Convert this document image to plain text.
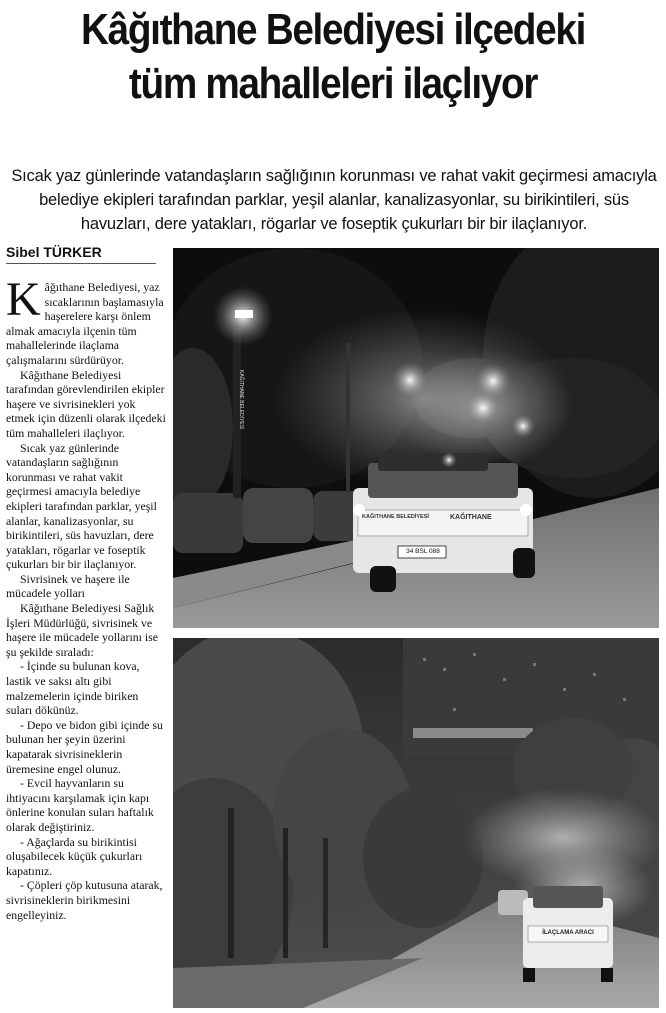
Kâğıthane Belediyesi ilçedeki
tüm mahalleleri ilaçlıyor

Sıcak yaz günlerinde vatandaşların sağlığının korunması ve rahat vakit geçirmesi amacıyla belediye ekipleri tarafından parklar, yeşil alanlar, kanalizasyonlar, su birikintileri, süs havuzları, dere yatakları, rögarlar ve foseptik çukurları bir bir ilaçlanıyor.

Sibel TÜRKER

Kâğıthane Belediyesi, yaz sıcaklarının başlamasıyla haşerelere karşı önlem almak amacıyla ilçenin tüm mahallelerinde ilaçlama çalışmalarını sürdürüyor.

Kâğıthane Belediyesi tarafından görevlendirilen ekipler haşere ve sivrisinekleri yok etmek için düzenli olarak ilçedeki tüm mahalleleri ilaçlıyor.

Sıcak yaz günlerinde vatandaşların sağlığının korunması ve rahat vakit geçirmesi amacıyla belediye ekipleri tarafından parklar, yeşil alanlar, kanalizasyonlar, su birikintileri, süs havuzları, dere yatakları, rögarlar ve foseptik çukurları bir bir ilaçlanıyor.

Sivrisinek ve haşere ile mücadele yolları

Kâğıthane Belediyesi Sağlık İşleri Müdürlüğü, sivrisinek ve haşere ile mücadele yollarını ise şu şekilde sıraladı:

- İçinde su bulunan kova, lastik ve saksı altı gibi malzemelerin içinde biriken suları dökünüz.

- Depo ve bidon gibi içinde su bulunan her şeyin üzerini kapatarak sivrisineklerin üremesine engel olunuz.

- Evcil hayvanların su ihtiyacını karşılamak için kapı önlerine konulan suları haftalık olarak değiştiriniz.

- Ağaçlarda su birikintisi oluşabilecek küçük çukurları kapatınız.

- Çöpleri çöp kutusuna atarak, sivrisineklerin birikmesini engelleyiniz.

KAĞITHANE BELEDİYESİ
KAĞITHANE BELEDİYESİ	KAĞITHANE
34 BSL 088
İLAÇLAMA ARACI
